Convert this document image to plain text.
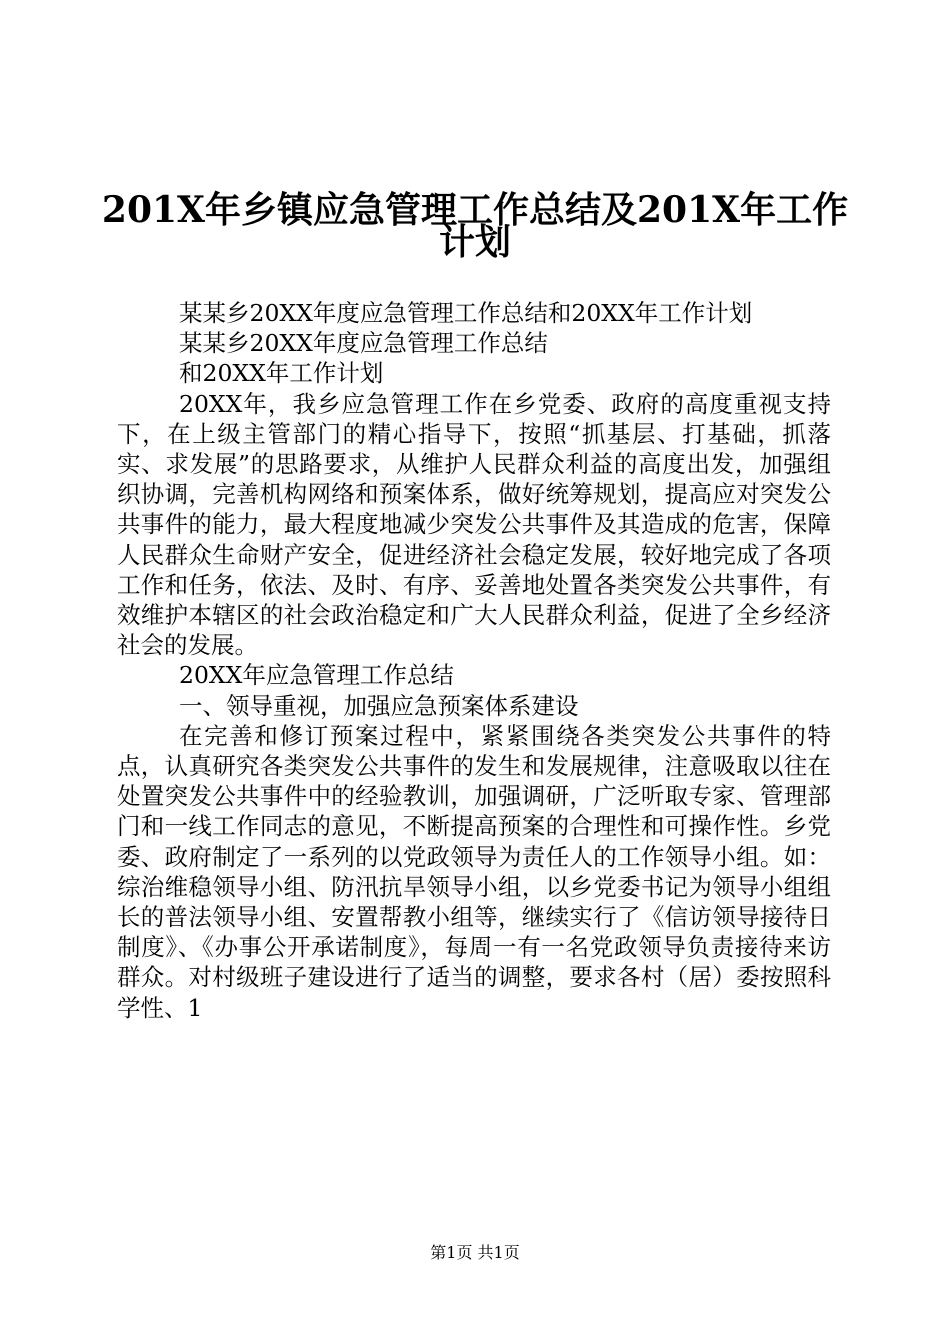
201X年乡镇应急管理工作总结及201X年工作
计划

某某乡20XX年度应急管理工作总结和20XX年工作计划

某某乡20XX年度应急管理工作总结

和20XX年工作计划

20XX年，我乡应急管理工作在乡党委、政府的高度重视支持下，在上级主管部门的精心指导下，按照“抓基层、打基础，抓落实、求发展”的思路要求，从维护人民群众利益的高度出发，加强组织协调，完善机构网络和预案体系，做好统筹规划，提高应对突发公共事件的能力，最大程度地减少突发公共事件及其造成的危害，保障人民群众生命财产安全，促进经济社会稳定发展，较好地完成了各项工作和任务，依法、及时、有序、妥善地处置各类突发公共事件，有效维护本辖区的社会政治稳定和广大人民群众利益，促进了全乡经济社会的发展。

20XX年应急管理工作总结

一、领导重视，加强应急预案体系建设

在完善和修订预案过程中，紧紧围绕各类突发公共事件的特点，认真研究各类突发公共事件的发生和发展规律，注意吸取以往在处置突发公共事件中的经验教训，加强调研，广泛听取专家、管理部门和一线工作同志的意见，不断提高预案的合理性和可操作性。乡党委、政府制定了一系列的以党政领导为责任人的工作领导小组。如：综治维稳领导小组、防汛抗旱领导小组，以乡党委书记为领导小组组长的普法领导小组、安置帮教小组等，继续实行了《信访领导接待日制度》、《办事公开承诺制度》，每周一有一名党政领导负责接待来访群众。对村级班子建设进行了适当的调整，要求各村（居）委按照科学性、1

第1页 共1页
